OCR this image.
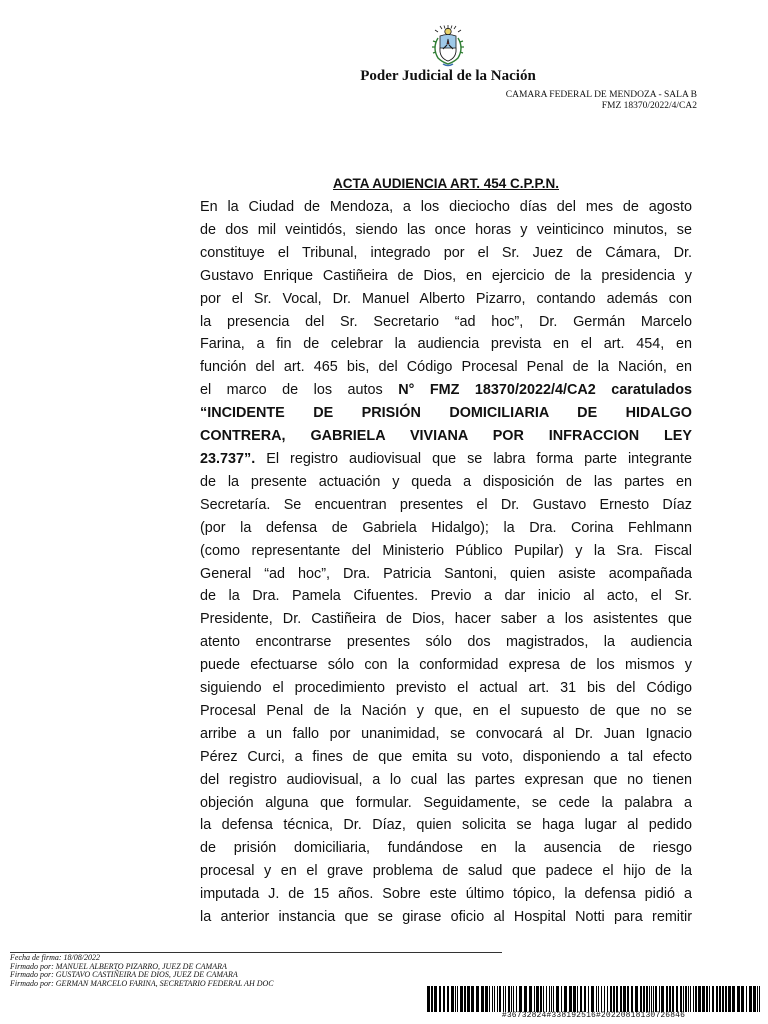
Poder Judicial de la Nación
CAMARA FEDERAL DE MENDOZA - SALA B
FMZ 18370/2022/4/CA2
ACTA AUDIENCIA ART. 454 C.P.P.N.
En la Ciudad de Mendoza, a los dieciocho días del mes de agosto
de dos mil veintidós, siendo las once horas y veinticinco minutos, se
constituye el Tribunal, integrado por el Sr. Juez de Cámara, Dr.
Gustavo Enrique Castiñeira de Dios, en ejercicio de la presidencia y
por el Sr. Vocal, Dr. Manuel Alberto Pizarro, contando además con
la presencia del Sr. Secretario “ad hoc”, Dr. Germán Marcelo
Farina, a fin de celebrar la audiencia prevista en el art. 454, en
función del art. 465 bis, del Código Procesal Penal de la Nación, en
el marco de los autos N° FMZ 18370/2022/4/CA2 caratulados
“INCIDENTE DE PRISIÓN DOMICILIARIA DE HIDALGO
CONTRERA, GABRIELA VIVIANA POR INFRACCION LEY
23.737”. El registro audiovisual que se labra forma parte integrante
de la presente actuación y queda a disposición de las partes en
Secretaría. Se encuentran presentes el Dr. Gustavo Ernesto Díaz
(por la defensa de Gabriela Hidalgo); la Dra. Corina Fehlmann
(como representante del Ministerio Público Pupilar) y la Sra. Fiscal
General “ad hoc”, Dra. Patricia Santoni, quien asiste acompañada
de la Dra. Pamela Cifuentes. Previo a dar inicio al acto, el Sr.
Presidente, Dr. Castiñeira de Dios, hacer saber a los asistentes que
atento encontrarse presentes sólo dos magistrados, la audiencia
puede efectuarse sólo con la conformidad expresa de los mismos y
siguiendo el procedimiento previsto el actual art. 31 bis del Código
Procesal Penal de la Nación y que, en el supuesto de que no se
arribe a un fallo por unanimidad, se convocará al Dr. Juan Ignacio
Pérez Curci, a fines de que emita su voto, disponiendo a tal efecto
del registro audiovisual, a lo cual las partes expresan que no tienen
objeción alguna que formular. Seguidamente, se cede la palabra a
la defensa técnica, Dr. Díaz, quien solicita se haga lugar al pedido
de prisión domiciliaria, fundándose en la ausencia de riesgo
procesal y en el grave problema de salud que padece el hijo de la
imputada J. de 15 años. Sobre este último tópico, la defensa pidió a
la anterior instancia que se girase oficio al Hospital Notti para remitir
Fecha de firma: 18/08/2022
Firmado por: MANUEL ALBERTO PIZARRO, JUEZ DE CAMARA
Firmado por: GUSTAVO CASTIÑEIRA DE DIOS, JUEZ DE CAMARA
Firmado por: GERMAN MARCELO FARINA, SECRETARIO FEDERAL AH DOC
#36732824#338192516#20220818130726846
